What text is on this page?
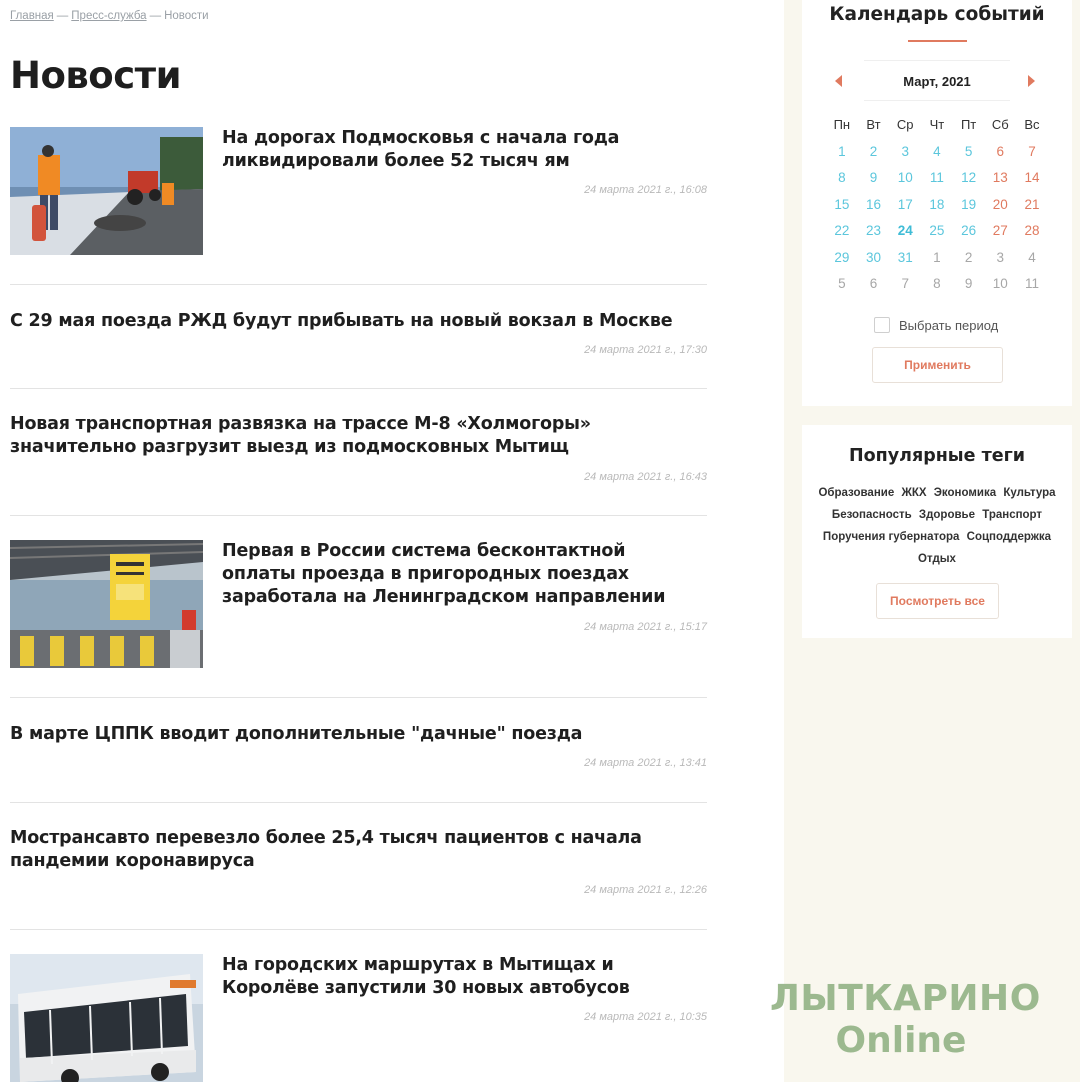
Главная — Пресс-служба — Новости
Новости
На дорогах Подмосковья с начала года ликвидировали более 52 тысяч ям
24 марта 2021 г., 16:08
С 29 мая поезда РЖД будут прибывать на новый вокзал в Москве
24 марта 2021 г., 17:30
Новая транспортная развязка на трассе М-8 «Холмогоры» значительно разгрузит выезд из подмосковных Мытищ
24 марта 2021 г., 16:43
Первая в России система бесконтактной оплаты проезда в пригородных поездах заработала на Ленинградском направлении
24 марта 2021 г., 15:17
В марте ЦППК вводит дополнительные "дачные" поезда
24 марта 2021 г., 13:41
Мострансавто перевезло более 25,4 тысяч пациентов с начала пандемии коронавируса
24 марта 2021 г., 12:26
На городских маршрутах в Мытищах и Королёве запустили 30 новых автобусов
24 марта 2021 г., 10:35
Календарь событий
Март, 2021
Пн	Вт	Ср	Чт	Пт	Сб	Вс
1	2	3	4	5	6	7
8	9	10	11	12	13	14
15	16	17	18	19	20	21
22	23	24	25	26	27	28
29	30	31	1	2	3	4
5	6	7	8	9	10	11
Выбрать период
Применить
Популярные теги
Образование ЖКХ Экономика Культура Безопасность Здоровье Транспорт Поручения губернатора Соцподдержка Отдых
Посмотреть все
ЛЫТКАРИНО
Online
